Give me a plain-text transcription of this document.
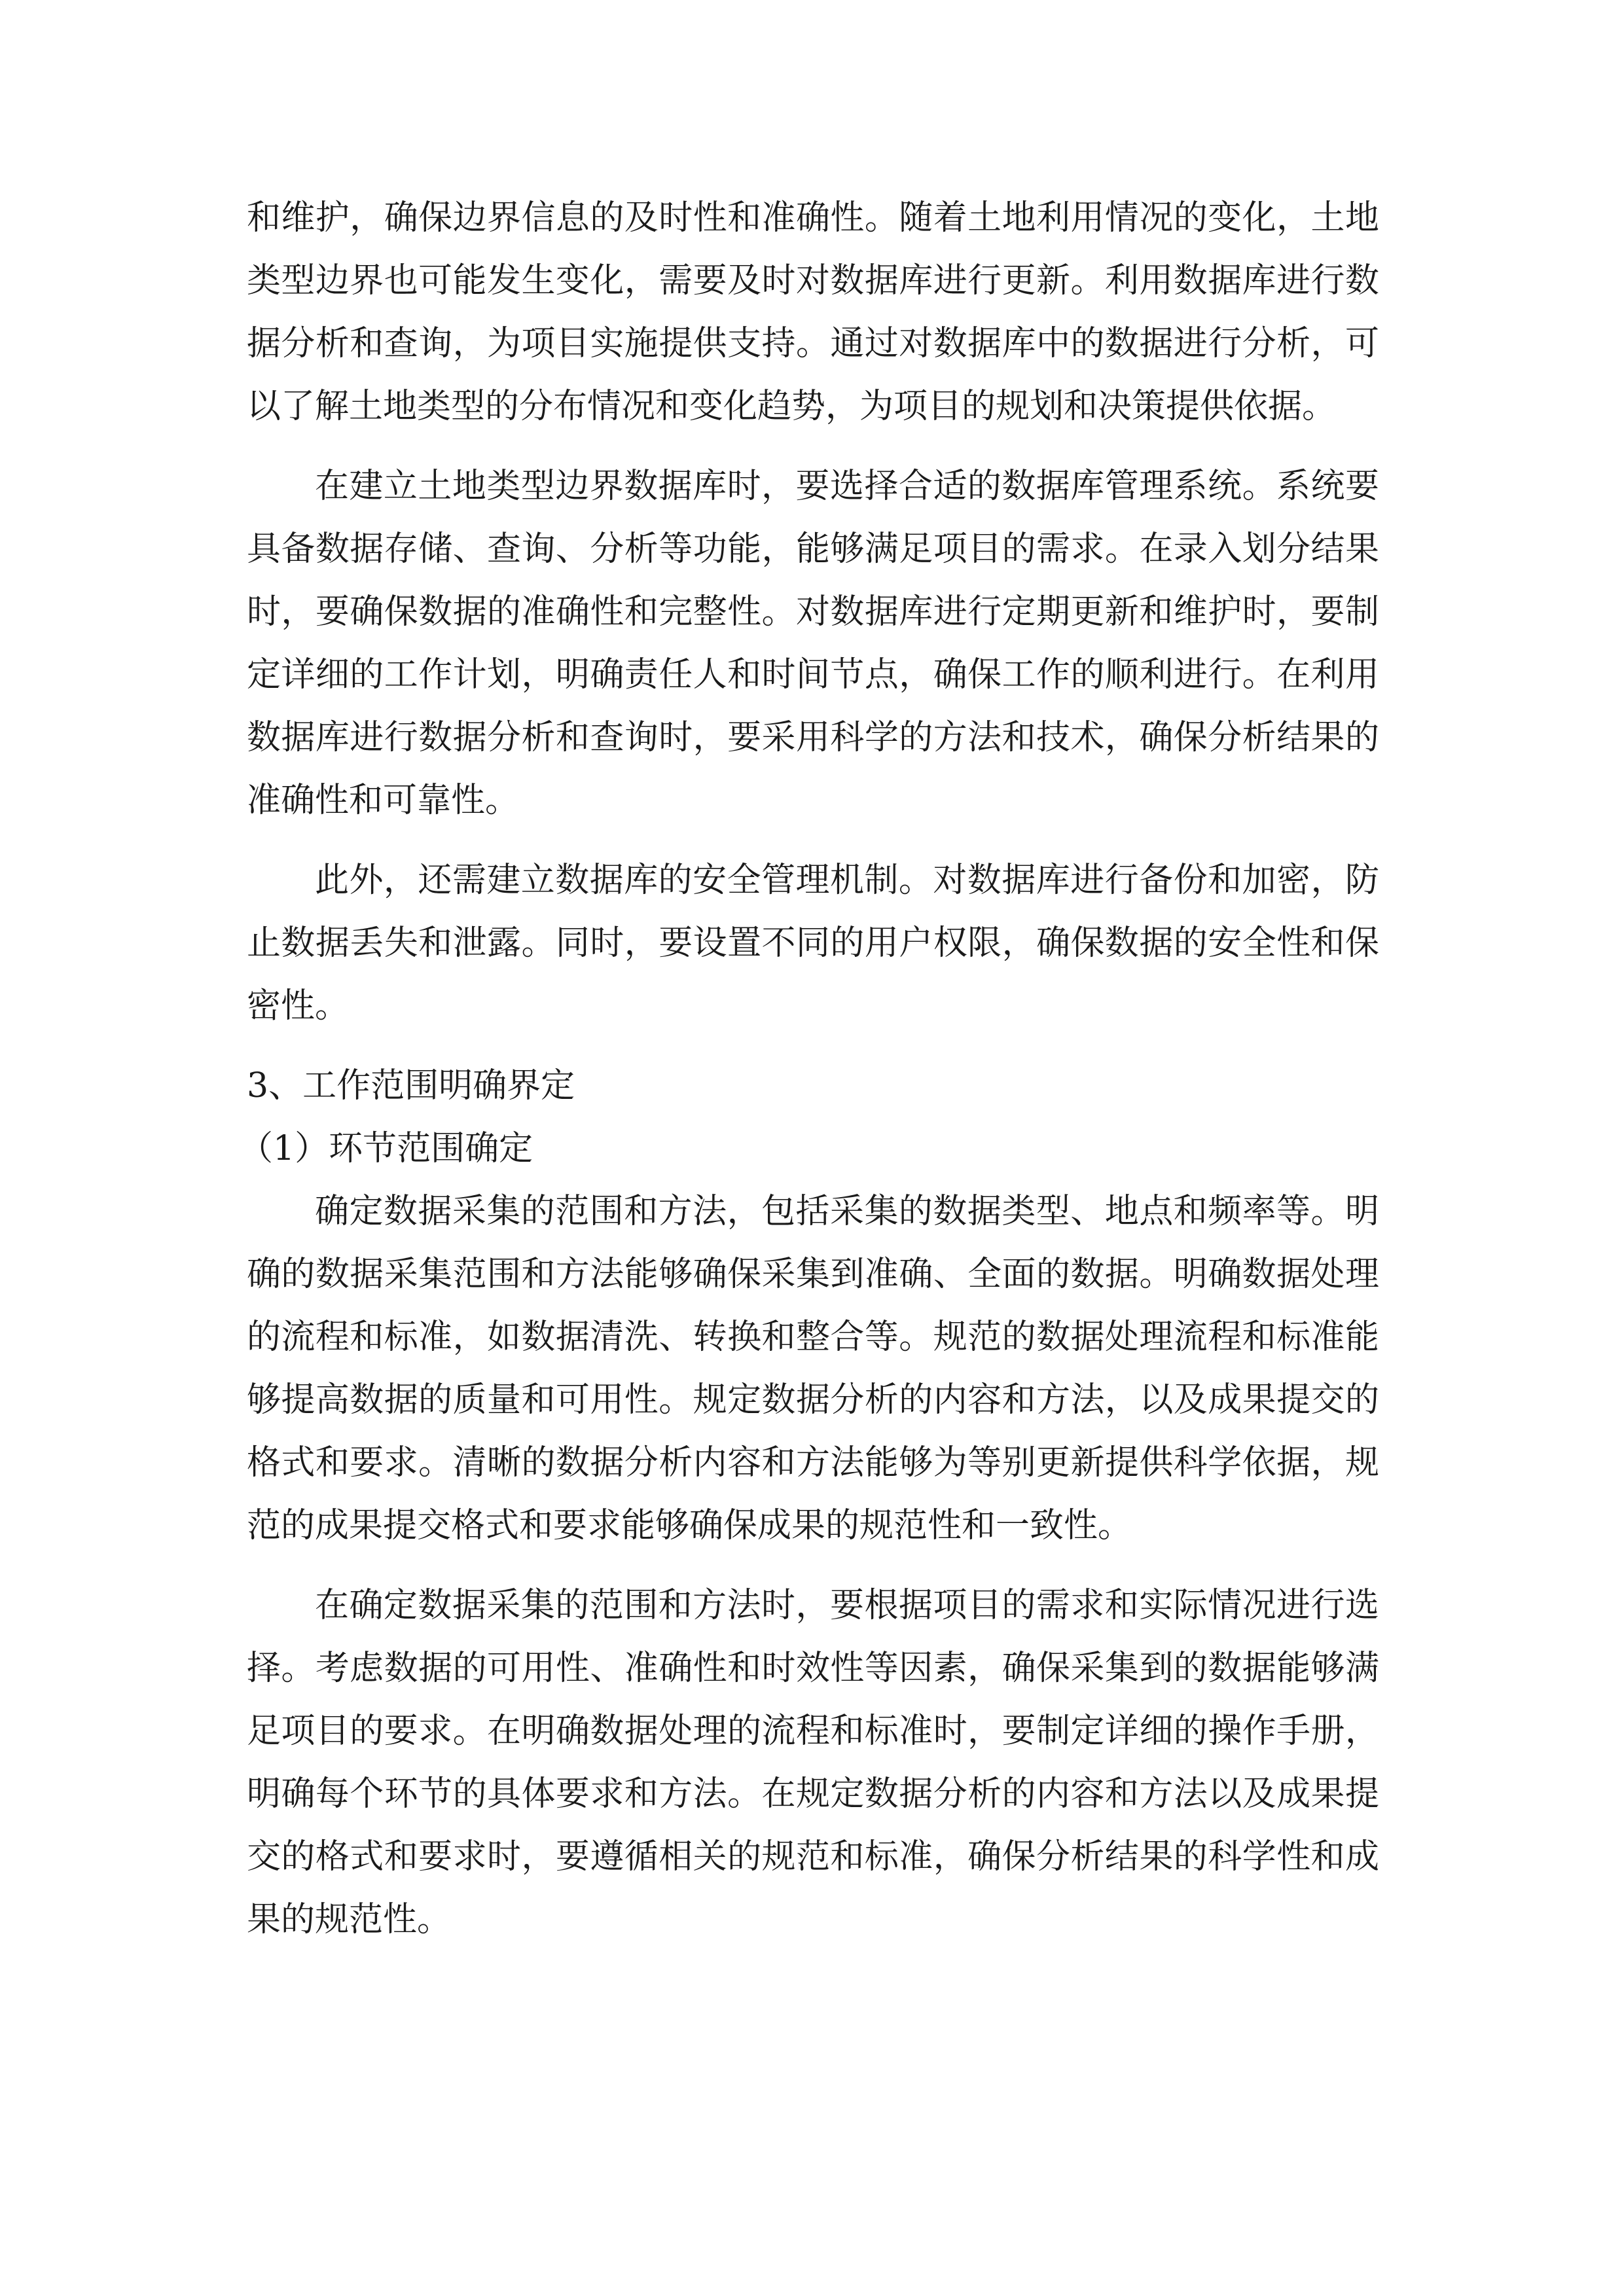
和维护，确保边界信息的及时性和准确性。随着土地利用情况的变化，土地类型边界也可能发生变化，需要及时对数据库进行更新。利用数据库进行数据分析和查询，为项目实施提供支持。通过对数据库中的数据进行分析，可以了解土地类型的分布情况和变化趋势，为项目的规划和决策提供依据。

在建立土地类型边界数据库时，要选择合适的数据库管理系统。系统要具备数据存储、查询、分析等功能，能够满足项目的需求。在录入划分结果时，要确保数据的准确性和完整性。对数据库进行定期更新和维护时，要制定详细的工作计划，明确责任人和时间节点，确保工作的顺利进行。在利用数据库进行数据分析和查询时，要采用科学的方法和技术，确保分析结果的准确性和可靠性。

此外，还需建立数据库的安全管理机制。对数据库进行备份和加密，防止数据丢失和泄露。同时，要设置不同的用户权限，确保数据的安全性和保密性。

3、工作范围明确界定
（1）环节范围确定

确定数据采集的范围和方法，包括采集的数据类型、地点和频率等。明确的数据采集范围和方法能够确保采集到准确、全面的数据。明确数据处理的流程和标准，如数据清洗、转换和整合等。规范的数据处理流程和标准能够提高数据的质量和可用性。规定数据分析的内容和方法，以及成果提交的格式和要求。清晰的数据分析内容和方法能够为等别更新提供科学依据，规范的成果提交格式和要求能够确保成果的规范性和一致性。

在确定数据采集的范围和方法时，要根据项目的需求和实际情况进行选择。考虑数据的可用性、准确性和时效性等因素，确保采集到的数据能够满足项目的要求。在明确数据处理的流程和标准时，要制定详细的操作手册，明确每个环节的具体要求和方法。在规定数据分析的内容和方法以及成果提交的格式和要求时，要遵循相关的规范和标准，确保分析结果的科学性和成果的规范性。
